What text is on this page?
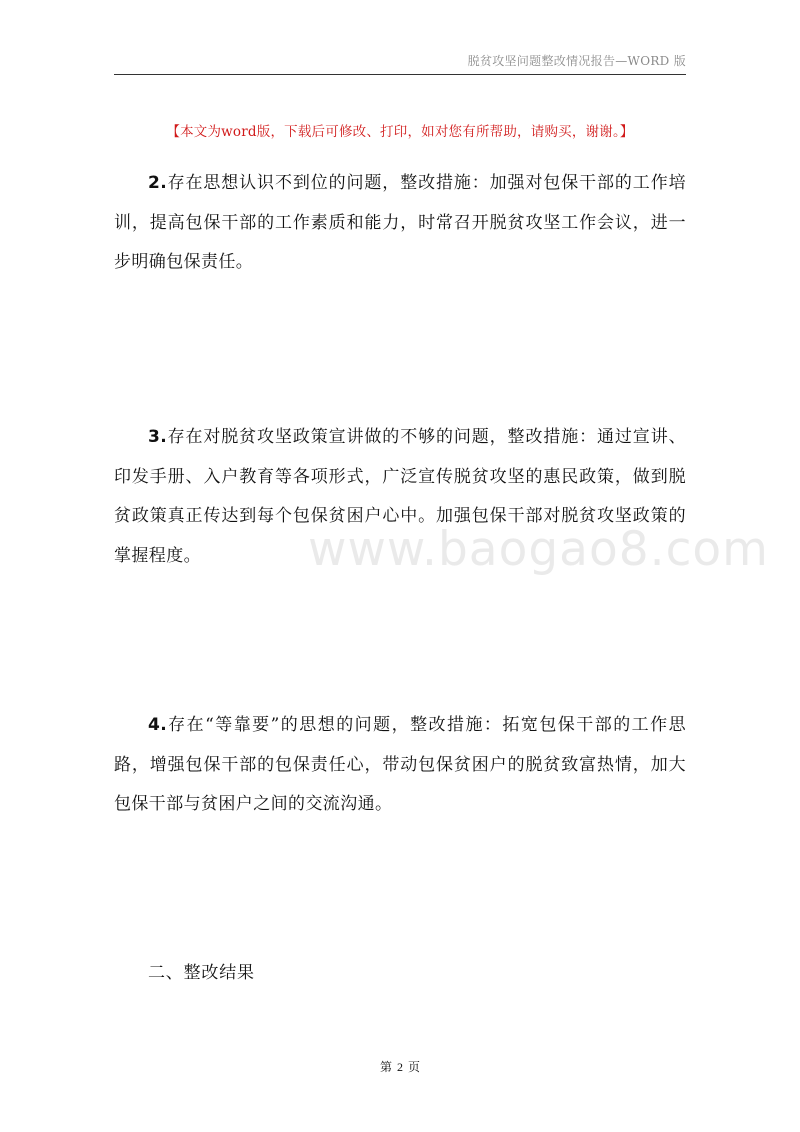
脱贫攻坚问题整改情况报告—WORD 版
【本文为word版，下载后可修改、打印，如对您有所帮助，请购买，谢谢。】
2.存在思想认识不到位的问题，整改措施：加强对包保干部的工作培训，提高包保干部的工作素质和能力，时常召开脱贫攻坚工作会议，进一步明确包保责任。
3.存在对脱贫攻坚政策宣讲做的不够的问题，整改措施：通过宣讲、印发手册、入户教育等各项形式，广泛宣传脱贫攻坚的惠民政策，做到脱贫政策真正传达到每个包保贫困户心中。加强包保干部对脱贫攻坚政策的掌握程度。
4.存在“等靠要”的思想的问题，整改措施：拓宽包保干部的工作思路，增强包保干部的包保责任心，带动包保贫困户的脱贫致富热情，加大包保干部与贫困户之间的交流沟通。
二、整改结果
www.baogao8.com
第 2 页
